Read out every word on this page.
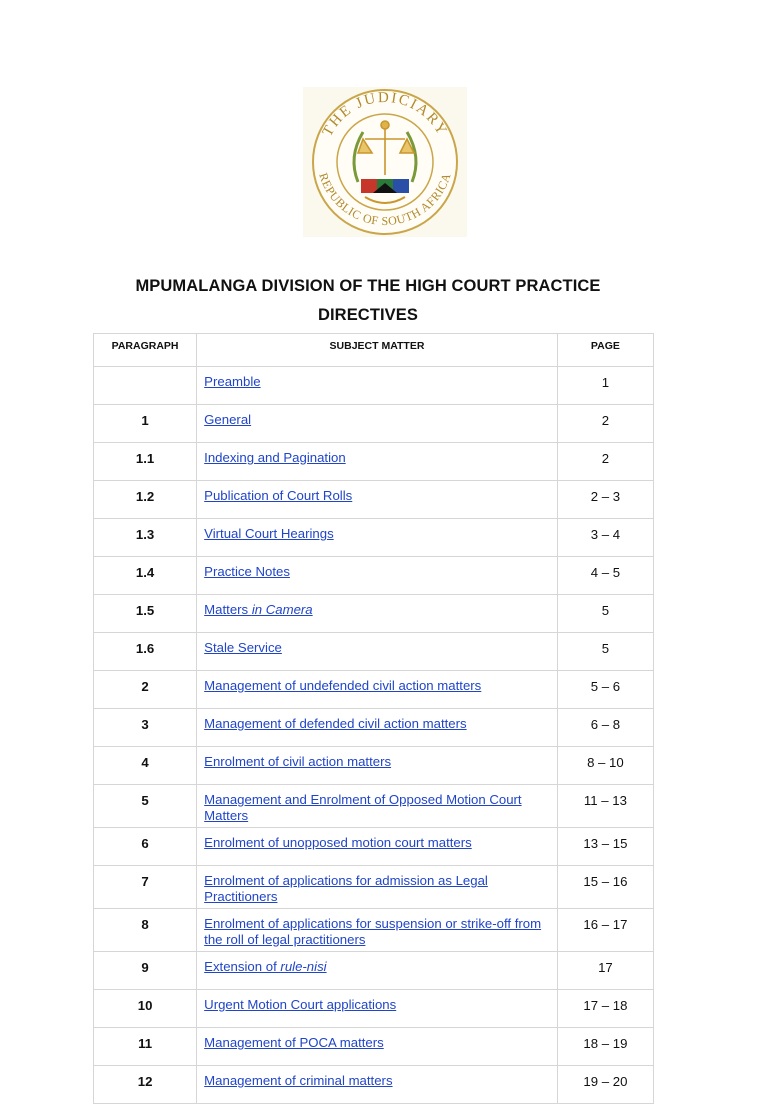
THE JUDICIARY
REPUBLIC OF SOUTH AFRICA
MPUMALANGA DIVISION OF THE HIGH COURT PRACTICE
DIRECTIVES
PARAGRAPH	SUBJECT MATTER	PAGE
	Preamble	1
1	General	2
1.1	Indexing and Pagination	2
1.2	Publication of Court Rolls	2 – 3
1.3	Virtual Court Hearings	3 – 4
1.4	Practice Notes	4 – 5
1.5	Matters in Camera	5
1.6	Stale Service	5
2	Management of undefended civil action matters	5 – 6
3	Management of defended civil action matters	6 – 8
4	Enrolment of civil action matters	8 – 10
5	Management and Enrolment of Opposed Motion Court Matters	11 – 13
6	Enrolment of unopposed motion court matters	13 – 15
7	Enrolment of applications for admission as Legal Practitioners	15 – 16
8	Enrolment of applications for suspension or strike-off from the roll of legal practitioners	16 – 17
9	Extension of rule-nisi	17
10	Urgent Motion Court applications	17 – 18
11	Management of POCA matters	18 – 19
12	Management of criminal matters	19 – 20
